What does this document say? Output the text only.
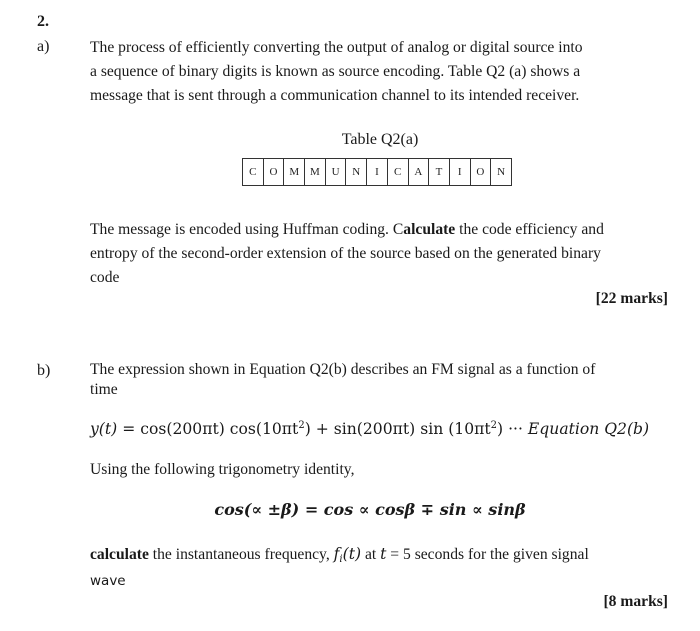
2.
a)	The process of efficiently converting the output of analog or digital source into
a sequence of binary digits is known as source encoding. Table Q2 (a) shows a
message that is sent through a communication channel to its intended receiver.
Table Q2(a)
C	O	M	M	U	N	I	C	A	T	I	O	N
The message is encoded using Huffman coding. Calculate the code efficiency and
entropy of the second-order extension of the source based on the generated binary
code
[22 marks]
b)	The expression shown in Equation Q2(b) describes an FM signal as a function of
time
y(t) = cos(200πt) $\cos(10\pi t^2) + \sin(200\pi t)$ $\sin (10\pi t^2)$ ··· Equation Q2(b)
Using the following trigonometry identity,
cos(∝ ±β) = cos ∝ cosβ ∓ sin ∝ sinβ
calculate the instantaneous frequency, $f_i(t)$ at t = 5 seconds for the given signal
wave
[8 marks]
